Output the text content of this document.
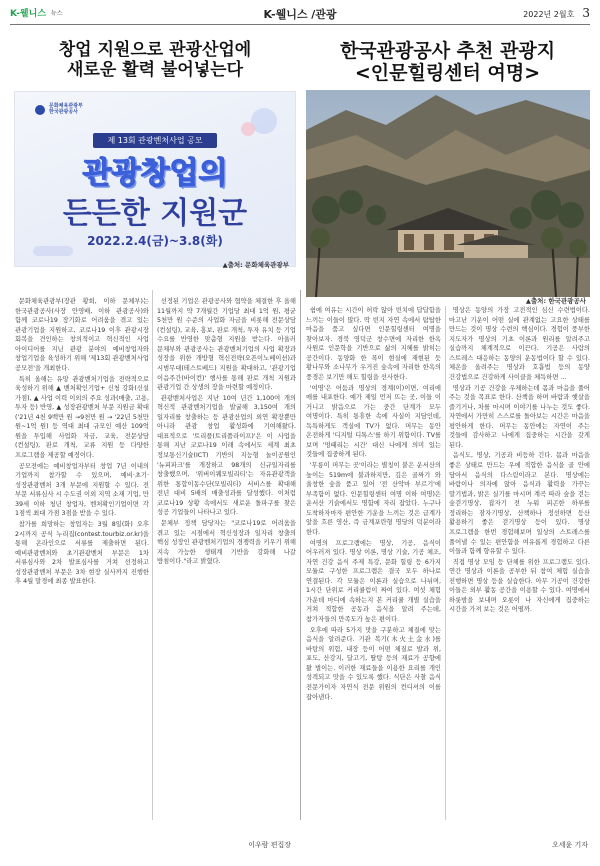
K-웰니스 뉴스	K-웰니스 /관광	2022년 2월호 3
창업 지원으로 관광산업에
새로운 활력 불어넣는다
한국관광공사 추천 관광지
<인문힐링센터 여명>
문화체육관광부
한국관광공사
제 13회 관광벤처사업 공모
관광창업의
든든한 지원군
2022.2.4(금)~3.8(화)
▲출처: 문화체육관광부
▲출처: 한국관광공사

문화체육관광부(장관 황희, 이하 문체부)는 한국관광공사(사장 안영배, 이하 관광공사)와 함께 코로나19 장기화로 어려움을 겪고 있는 관광기업을 지원하고, 코로나19 이후 관광시장 회복을 견인하는 창의적이고 혁신적인 사업 아이디어를 지닌 관광 분야의 예비창업자와 창업기업을 육성하기 위해 '제13회 관광벤처사업 공모전'을 개최한다.

특히 올해는 유망 관광벤처기업을 전략적으로 육성하기 위해 ▲ 벤처확인기업+ 신청 강화(신설 가점), ▲ 사업 이력 이외의 주요 성과(매출, 고용, 투자 등) 반영, ▲ 성장관광벤처 부문 지원금 확대('21년 4천 9백만 원 →9천만 원 → '22년 5천만 원~1억 원) 등 역대 최대 규모인 예산 109억 원을 투입해 사업화 자금, 교육, 전문상담(컨설팅), 판로 개척, 교류 지원 등 다양한 프로그램을 제공할 예정이다.

공모전에는 예비창업자부터 창업 7년 이내의 기업까지 참가할 수 있으며, 예비·초기·성장관광벤처 3개 부문에 지원할 수 있다. 전 부문 서류심사 시 수도권 이외 지역 소재 기업, 만 39세 이하 청년 창업자, 벤처확인기업이면 각 1점씩 최대 가점 3점을 받을 수 있다.

참가를 희망하는 창업자는 3월 8일(화) 오후 2시까지 공식 누리집(contest.tourbiz.or.kr)을 통해 온라인으로 서류를 제출하면 된다. 예비관광벤처와 초기관광벤처 부문은 1차 서류심사와 2차 발표심사를 거쳐 선정하고 성장관광벤처 부문은 3차 현장 실사까지 진행한 후 4월 말경에 최종 발표한다.

선정된 기업은 관광공사와 협약을 체결한 후 올해 11월까지 약 7개월간 기업당 최대 1억 원, 평균 5천만 원 수준의 사업화 자금을 비롯해 전문상담(컨설팅), 교육, 홍보, 판로 개척, 투자 유치 등 기업 수요를 반영한 맞춤형 지원을 받는다. 아울러 문체부와 관광공사는 관광벤처기업의 사업 확장과 성장을 위한 개방형 혁신전략(오픈이노베이션)과 시범무대(테스트베드) 지원을 확대하고, '관광기업 이음주간(바이컨)' 행사를 통해 판로 개척 지원과 관광기업 간 상생의 장을 마련할 예정이다.

관광벤처사업은 지난 10여 년간 1,100여 개의 혁신적 관광벤처기업을 발굴해 3,150여 개의 일자리를 창출하는 등 관광산업의 외연 확장뿐만 아니라 관광 창업 활성화에 기여해왔다. 대표적으로 '트리플(트리플라이프)'은 이 사업을 통해 지난 코로나19 이래 속에서도 세계 최초 정보통신기술(ICT) 기반의 지능형 놀이공원인 '뉴피파크'를 개장하고 98개의 신규일자리를 창출했으며, '위버이퀘모빌리티'는 자유관광객을 위한 통합이동수단(모빌리티) 서비스를 확대해 전년 대비 5배의 매출성과를 달성했다. 이처럼 코로나19 상황 속에서도 새로운 돌파구를 찾은 성공 기업들이 나타나고 있다.

문체부 정책 담당자는 "코로나19로 어려움을 겪고 있는 시점에서 혁신성장과 일자리 창출의 핵심 성장인 관광벤처기업의 경쟁력을 키우기 위해 지속 가능한 생태계 기반을 강화해 나갈 방침이다."라고 밝혔다.

쉼에 여유는 시간이 허락 않아 빈치에 답답함을 느끼는 이들이 많다. 딱 빈지 자연 속에서 탐탑한 마음을 품고 싶다면 인문힐링센터 여명을 찾아보자. 경북 영덕군 창수면에 자리한 한옥 사원로 인문학을 기반으로 삶의 지혜를 밝히는 공간이다. 동양화 한 폭이 현실에 재현된 듯 황나무와 소나무가 우거진 숲속에 자리한 한옥의 풍경은 보기만 해도 힐링을 선사한다.

'여명'은 어둠과 명상의 경계(이)이면, 여리에 매를 내포한다. 예가 제일 먼저 뜨는 곳, 이들 이 거니고 밝음으로 가는 중간 단계가 모두 여명이다. 특히 통휴한 속에 사실이 지담인데, 독특하게도 객실에 TV가 없다. 머무는 동안 온전하게 '디지털 디톡스'를 하기 위함이다. TV를 보며 '멍때리는 시간' 대신 나에게 의미 있는 것들에 집중하게 된다.

'무릉이 머무는 곳'이라는 별칭이 붙은 운서산의 높이는 519m에 불과하지만, 깊은 골짜기 와 울창한 숲을 품고 있어 '전 산악마 부르기'에 부족함이 없다. 인문힐링센터 여명 이하 여명)은 운서산 기슭에서도 명함에 자리 잡았다. 누구나 도착하자마자 편안한 기운을 느끼는 것은 급계가 앞을 흐른 영산, 즉 금계포란형 명당의 덕분이라 한다.

여명의 프로그램에는 명상, 기공, 음식이 어우러져 있다. 명상 이론, 명상 기술, 기공 체조, 자연 건강 음식 주제 특강, 문화 힐링 등 6가지 모듈로 구성한 프로그램은 결국 모두 하나로 연결된다. 각 모듈은 이론과 실습으로 나뉘며, 1시간 단위로 커리큘럼이 짜여 있다. 여섯 체험 가운데 마디에 속하는지 본 커리큘 개별 실습을 거쳐 적합한 공동과 음식을 알려 주는데, 참가자들의 만족도가 높은 편이다.

오후에 따라 5가지 맛을 구분하고 체질에 맞는 음식을 알려준다. 기관 복기(木火土金水)를 바탕의 위험, 내장 등이 어떤 체질로 발과 위, 포도, 산강지, 달고기, 딸탕 등의 재료가 공향에 왔 벌이는. 이러한 재료들을 이용한 요리를 개인 성격되고 맛을 수 있도록 했다. 식단은 사찰 음식 전문가이자 자연식 전문 위원의 컨디셔의 이를 잡아낸다.

명상은 동양의 가장 고전적인 심신 수련법이다. 마고난 기운이 어떤 실에 관계없는 고요한 상태를 만드는 것이 명상 수련의 핵심이다. 경험이 풍부한 지도자가 명상의 기초 이론과 원리를 알려주고 실습까지 체계적으로 이끈다. 기공은 사람의 스트레스 대응하는 동양의 운동법이다 할 수 있다. 체온을 올려주는 명상과 호흡법 등의 동양 건강법으로 건강하게 사이클을 체득하면 ...

명상과 기공 건강을 우체하는데 몸과 마음을 풀어 주는 것을 목표로 한다. 산책을 하며 바람과 햇살을 즐기거나, 차를 마시며 이야기를 나누는 것도 좋다. 자연에서 가만히 스스로를 돌아보는 시간은 마음을 평안하게 한다. 머무는 동안에는 자연이 주는 것들에 감사하고 나에게 집중하는 시간을 갖게 된다.

음식도, 명상, 기공과 비등하 긴다. 몸과 마음을 좋은 상태로 만드는 우에 적합한 음식을 골 안에 담아서 음식의 다스림이라고 본다. 명상에는 바람이나 의자에 앉아 음식과 활력을 가꾸는 말기법과, 밝은 실기를 마시며 계곡 따라 숲을 걷는 숲걷기명상, 잡자기 전 누워 피곤한 하루를 정리하는 잠자기명상, 산책하나 정선하면 등산 활용하기 좋은 걷기명상 등이 있다. 명상 프로그램을 한번 경험해보며 일상의 스트레스를 풀어낼 수 있는 편안함을 여유롭게 경험하고 다른 이들과 함께 향유할 수 있다.

직접 명상 모임 등 단체를 위한 프로그램도 있다. 연간 명상과 이론을 공부한 뒤 참여 체험 실습을 진행하면 명상 등을 실습한다. 아무 기공이 건강한 이들은 외부 활동 공간을 이용할 수 있다. 여명에서 하룻밤을 보내며 오롯이 나 자신에게 집중하는 시간을 가져 보는 것은 어떨까.

이우람 편집장	오세윤 기자
